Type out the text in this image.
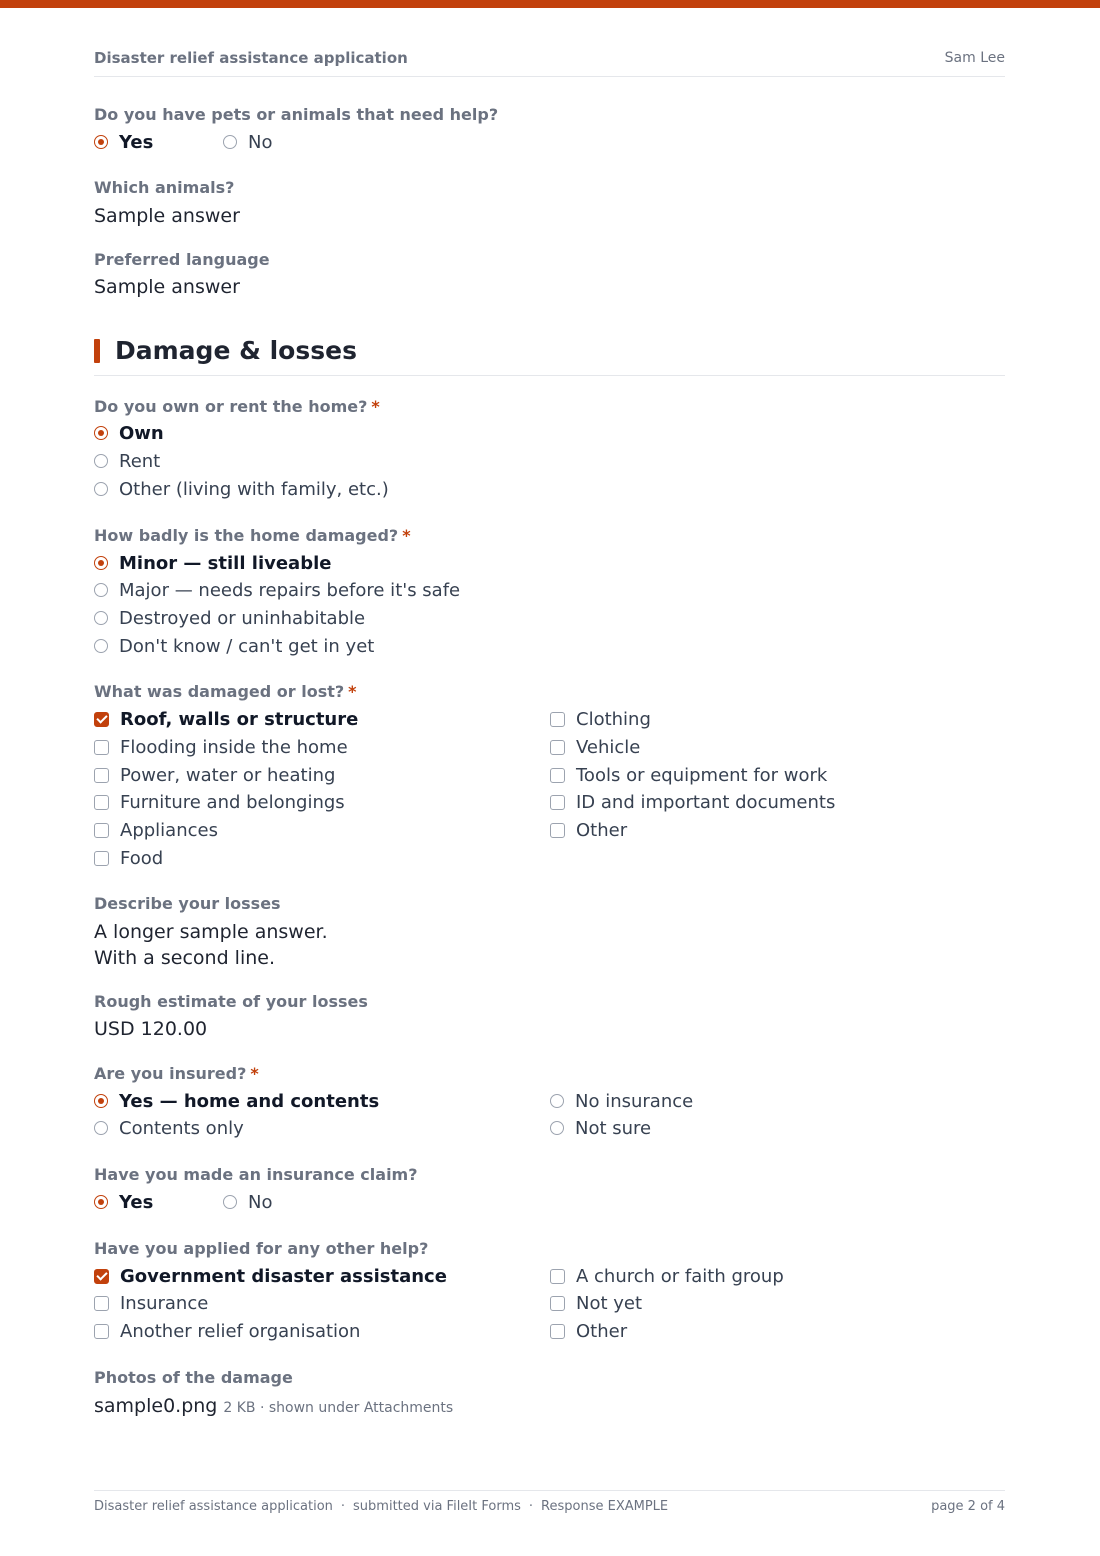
Disaster relief assistance application	Sam Lee
Do you have pets or animals that need help?
Yes	No
Which animals?
Sample answer
Preferred language
Sample answer
Damage & losses
Do you own or rent the home? *
Own
Rent
Other (living with family, etc.)
How badly is the home damaged? *
Minor — still liveable
Major — needs repairs before it's safe
Destroyed or uninhabitable
Don't know / can't get in yet
What was damaged or lost? *
Roof, walls or structure
Flooding inside the home
Power, water or heating
Furniture and belongings
Appliances
Food
Clothing
Vehicle
Tools or equipment for work
ID and important documents
Other
Describe your losses
A longer sample answer.
With a second line.
Rough estimate of your losses
USD 120.00
Are you insured? *
Yes — home and contents
Contents only
No insurance
Not sure
Have you made an insurance claim?
Yes	No
Have you applied for any other help?
Government disaster assistance
Insurance
Another relief organisation
A church or faith group
Not yet
Other
Photos of the damage
sample0.png 2 KB · shown under Attachments
Disaster relief assistance application · submitted via FileIt Forms · Response EXAMPLE	page 2 of 4
